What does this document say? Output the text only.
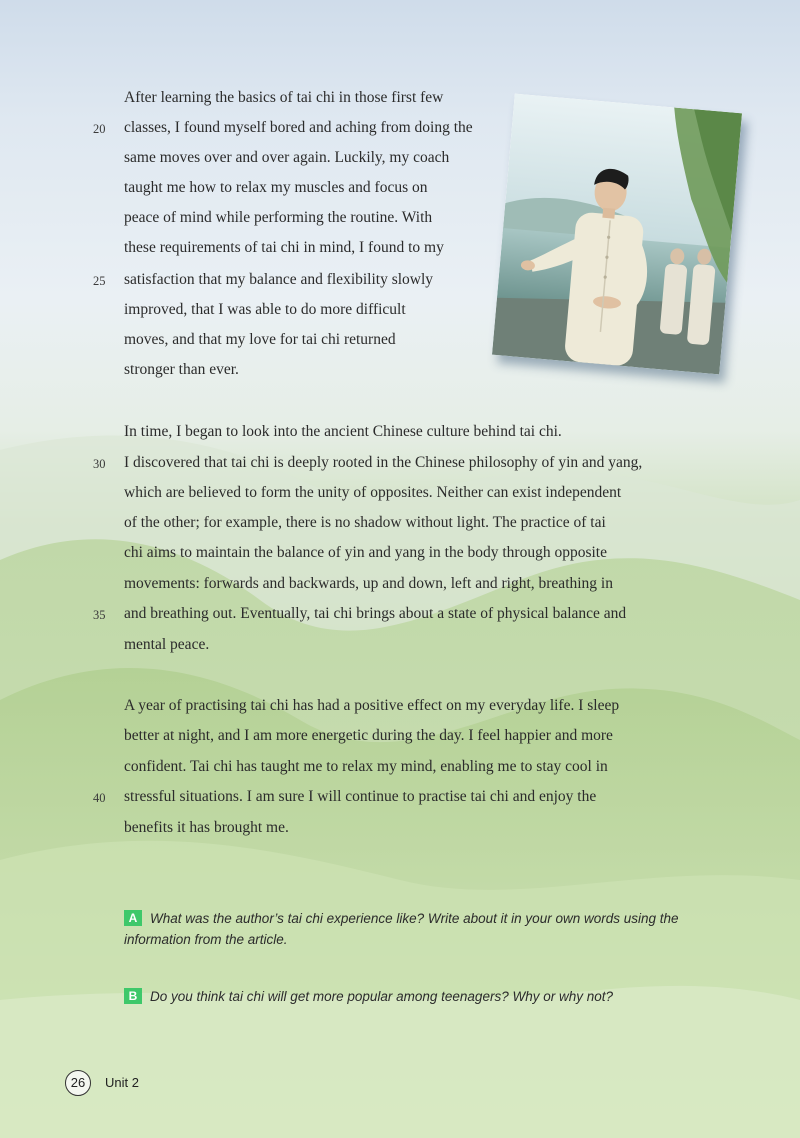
After learning the basics of tai chi in those first few
classes, I found myself bored and aching from doing the
same moves over and over again. Luckily, my coach
taught me how to relax my muscles and focus on
peace of mind while performing the routine. With
these requirements of tai chi in mind, I found to my
satisfaction that my balance and flexibility slowly
improved, that I was able to do more difficult
moves, and that my love for tai chi returned
stronger than ever.
In time, I began to look into the ancient Chinese culture behind tai chi.
I discovered that tai chi is deeply rooted in the Chinese philosophy of yin and yang,
which are believed to form the unity of opposites. Neither can exist independent
of the other; for example, there is no shadow without light. The practice of tai
chi aims to maintain the balance of yin and yang in the body through opposite
movements: forwards and backwards, up and down, left and right, breathing in
and breathing out. Eventually, tai chi brings about a state of physical balance and
mental peace.
A year of practising tai chi has had a positive effect on my everyday life. I sleep
better at night, and I am more energetic during the day. I feel happier and more
confident. Tai chi has taught me to relax my mind, enabling me to stay cool in
stressful situations. I am sure I will continue to practise tai chi and enjoy the
benefits it has brought me.
20
25
30
35
40
A What was the author’s tai chi experience like? Write about it in your own words using the information from the article.
B Do you think tai chi will get more popular among teenagers? Why or why not?
26	Unit 2
